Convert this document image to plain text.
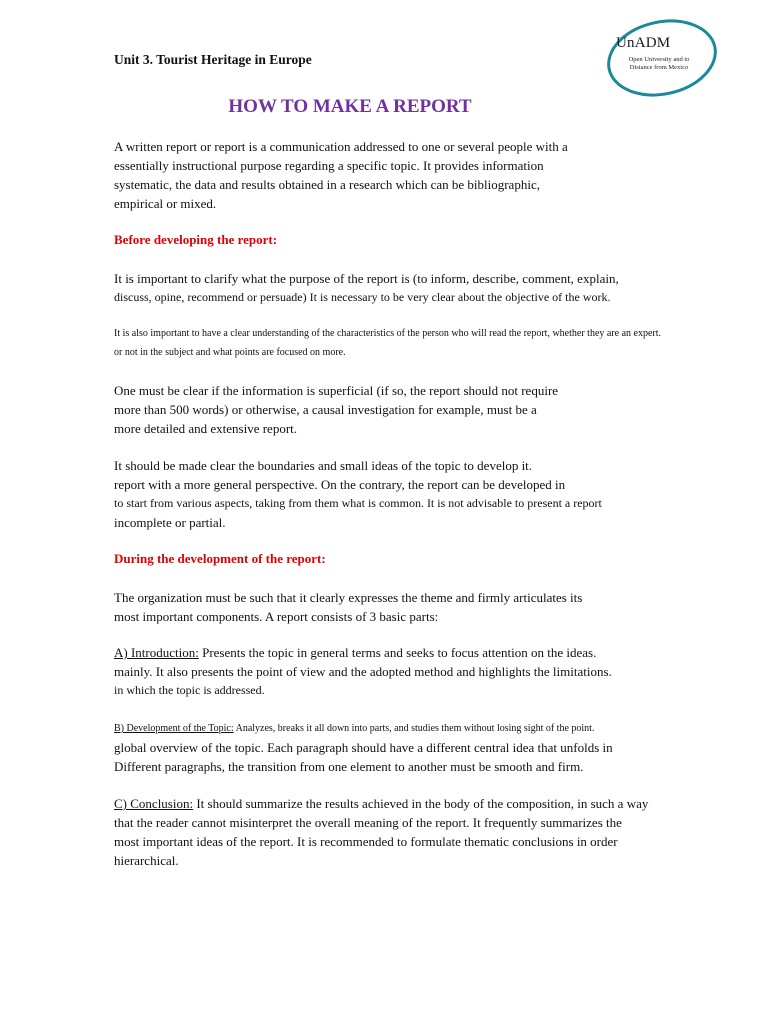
Unit 3. Tourist Heritage in Europe
UnADM
Open University and to Distance from Mexico
HOW TO MAKE A REPORT
A written report or report is a communication addressed to one or several people with a
essentially instructional purpose regarding a specific topic. It provides information
systematic, the data and results obtained in a research which can be bibliographic,
empirical or mixed.
Before developing the report:
It is important to clarify what the purpose of the report is (to inform, describe, comment, explain,
discuss, opine, recommend or persuade) It is necessary to be very clear about the objective of the work.
It is also important to have a clear understanding of the characteristics of the person who will read the report, whether they are an expert.
or not in the subject and what points are focused on more.
One must be clear if the information is superficial (if so, the report should not require
more than 500 words) or otherwise, a causal investigation for example, must be a
more detailed and extensive report.
It should be made clear the boundaries and small ideas of the topic to develop it.
report with a more general perspective. On the contrary, the report can be developed in
to start from various aspects, taking from them what is common. It is not advisable to present a report
incomplete or partial.
During the development of the report:
The organization must be such that it clearly expresses the theme and firmly articulates its
most important components. A report consists of 3 basic parts:
A) Introduction: Presents the topic in general terms and seeks to focus attention on the ideas.
mainly. It also presents the point of view and the adopted method and highlights the limitations.
in which the topic is addressed.
B) Development of the Topic: Analyzes, breaks it all down into parts, and studies them without losing sight of the point.
global overview of the topic. Each paragraph should have a different central idea that unfolds in
Different paragraphs, the transition from one element to another must be smooth and firm.
C) Conclusion: It should summarize the results achieved in the body of the composition, in such a way
that the reader cannot misinterpret the overall meaning of the report. It frequently summarizes the
most important ideas of the report. It is recommended to formulate thematic conclusions in order
hierarchical.
